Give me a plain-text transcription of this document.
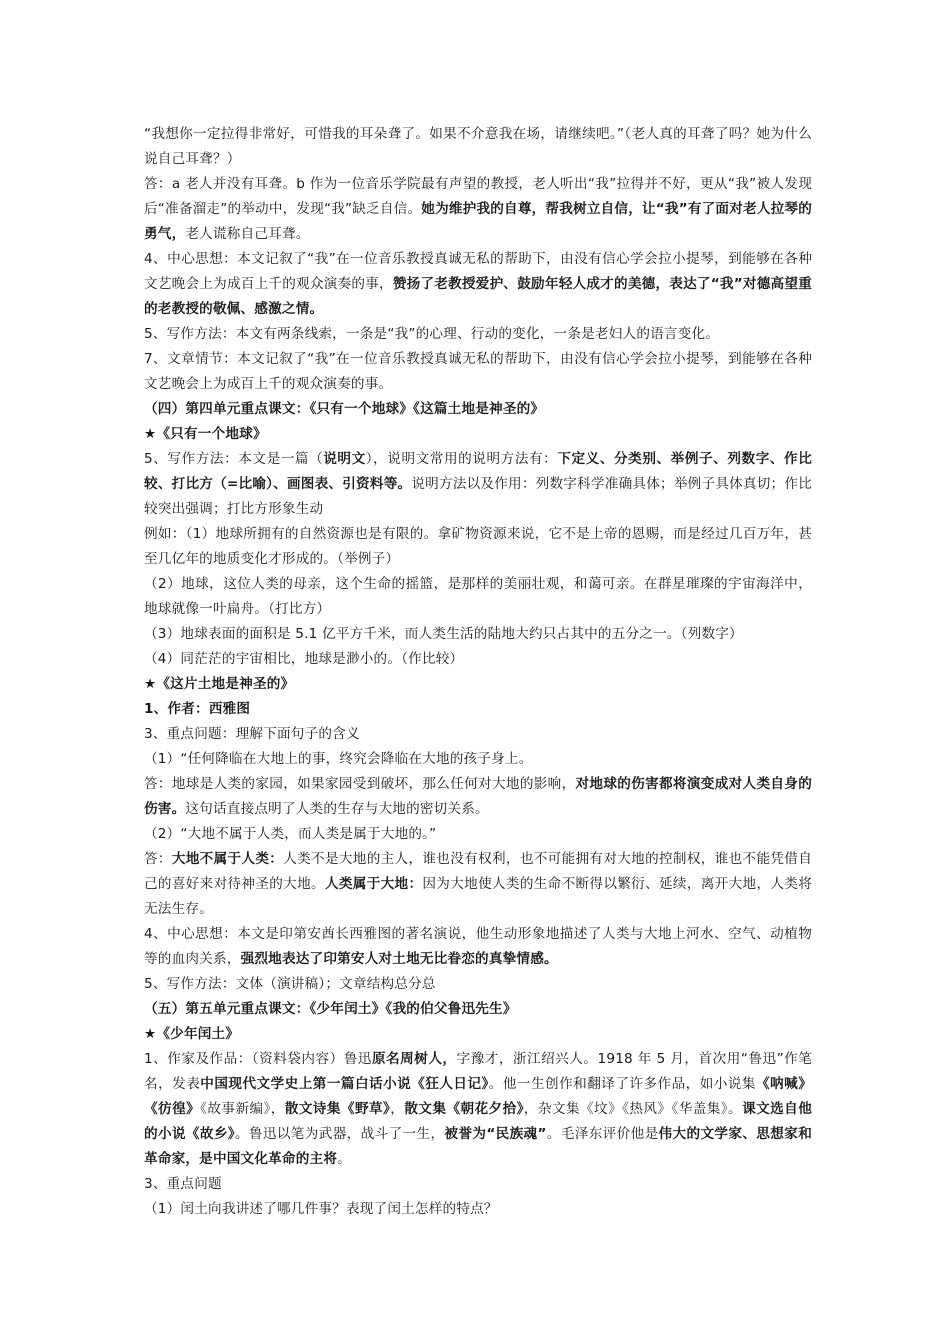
“我想你一定拉得非常好，可惜我的耳朵聋了。如果不介意我在场，请继续吧。”（老人真的耳聋了吗？她为什么说自己耳聋？）

答：a 老人并没有耳聋。b 作为一位音乐学院最有声望的教授，老人听出“我”拉得并不好，更从“我”被人发现后“准备溜走”的举动中，发现“我”缺乏自信。她为维护我的自尊，帮我树立自信，让“我”有了面对老人拉琴的勇气，老人谎称自己耳聋。

4、中心思想：本文记叙了“我”在一位音乐教授真诚无私的帮助下，由没有信心学会拉小提琴，到能够在各种文艺晚会上为成百上千的观众演奏的事，赞扬了老教授爱护、鼓励年轻人成才的美德，表达了“我”对德高望重的老教授的敬佩、感激之情。

5、写作方法：本文有两条线索，一条是“我”的心理、行动的变化，一条是老妇人的语言变化。

7、文章情节：本文记叙了“我”在一位音乐教授真诚无私的帮助下，由没有信心学会拉小提琴，到能够在各种文艺晚会上为成百上千的观众演奏的事。

（四）第四单元重点课文：《只有一个地球》《这篇土地是神圣的》

★《只有一个地球》

5、写作方法：本文是一篇（说明文），说明文常用的说明方法有：下定义、分类别、举例子、列数字、作比较、打比方（=比喻）、画图表、引资料等。说明方法以及作用：列数字科学准确具体；举例子具体真切；作比较突出强调；打比方形象生动

例如：（1）地球所拥有的自然资源也是有限的。拿矿物资源来说，它不是上帝的恩赐，而是经过几百万年，甚至几亿年的地质变化才形成的。（举例子）

（2）地球，这位人类的母亲，这个生命的摇篮，是那样的美丽壮观，和蔼可亲。在群星璀璨的宇宙海洋中，地球就像一叶扁舟。（打比方）

（3）地球表面的面积是 5.1 亿平方千米，而人类生活的陆地大约只占其中的五分之一。（列数字）

（4）同茫茫的宇宙相比，地球是渺小的。（作比较）

★《这片土地是神圣的》

1、作者：西雅图

3、重点问题：理解下面句子的含义

（1）“任何降临在大地上的事，终究会降临在大地的孩子身上。

答：地球是人类的家园，如果家园受到破坏，那么任何对大地的影响，对地球的伤害都将演变成对人类自身的伤害。这句话直接点明了人类的生存与大地的密切关系。

（2）“大地不属于人类，而人类是属于大地的。”

答：大地不属于人类：人类不是大地的主人，谁也没有权利，也不可能拥有对大地的控制权，谁也不能凭借自己的喜好来对待神圣的大地。人类属于大地：因为大地使人类的生命不断得以繁衍、延续，离开大地，人类将无法生存。

4、中心思想：本文是印第安酋长西雅图的著名演说，他生动形象地描述了人类与大地上河水、空气、动植物等的血肉关系，强烈地表达了印第安人对土地无比眷恋的真挚情感。

5、写作方法：文体（演讲稿）；文章结构总分总

（五）第五单元重点课文：《少年闰土》《我的伯父鲁迅先生》

★《少年闰土》

1、作家及作品：（资料袋内容）鲁迅原名周树人，字豫才，浙江绍兴人。1918 年 5 月，首次用“鲁迅”作笔名，发表中国现代文学史上第一篇白话小说《狂人日记》。他一生创作和翻译了许多作品，如小说集《呐喊》《彷徨》《故事新编》，散文诗集《野草》，散文集《朝花夕拾》，杂文集《坟》《热风》《华盖集》。课文选自他的小说《故乡》。鲁迅以笔为武器，战斗了一生，被誉为“民族魂”。毛泽东评价他是伟大的文学家、思想家和革命家，是中国文化革命的主将。

3、重点问题

（1）闰土向我讲述了哪几件事？表现了闰土怎样的特点？
